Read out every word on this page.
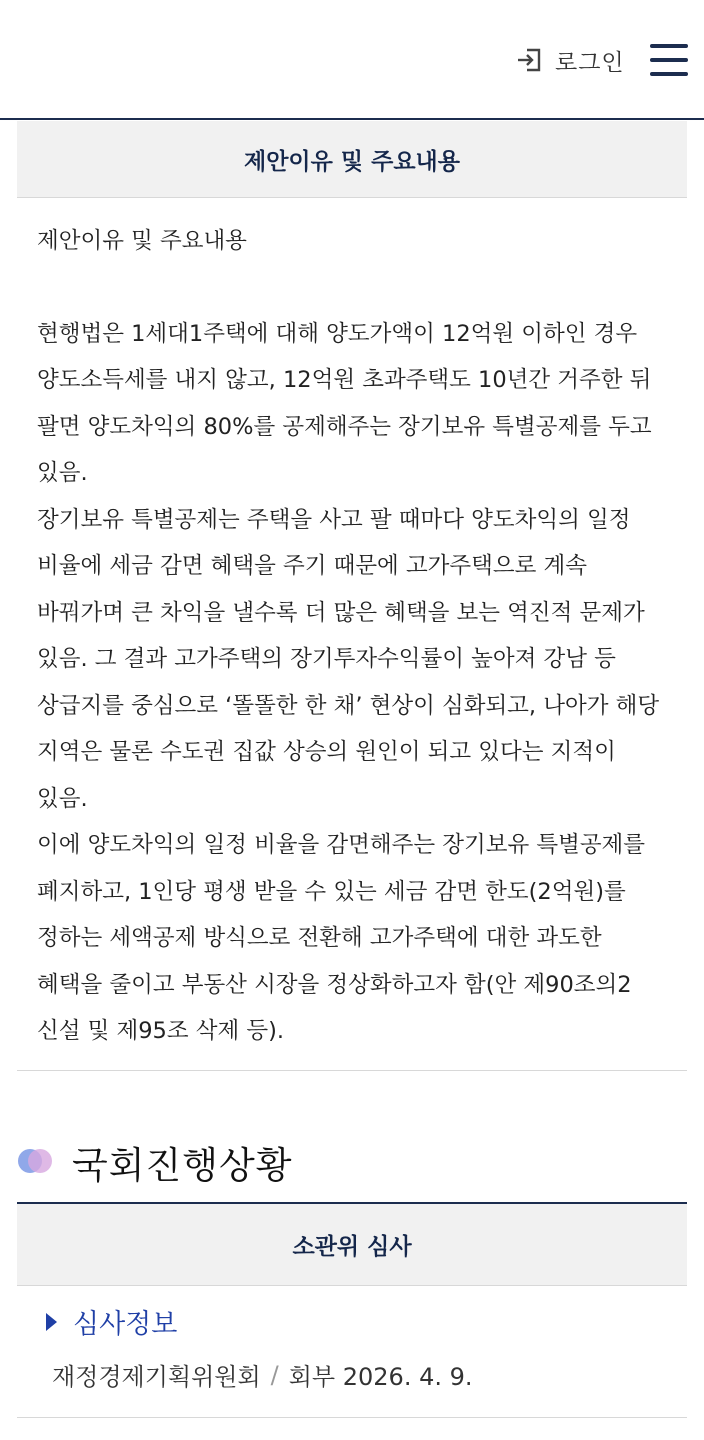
로그인
제안이유 및 주요내용

제안이유 및 주요내용

현행법은 1세대1주택에 대해 양도가액이 12억원 이하인 경우 양도소득세를 내지 않고, 12억원 초과주택도 10년간 거주한 뒤 팔면 양도차익의 80%를 공제해주는 장기보유 특별공제를 두고 있음.

장기보유 특별공제는 주택을 사고 팔 때마다 양도차익의 일정 비율에 세금 감면 혜택을 주기 때문에 고가주택으로 계속 바꿔가며 큰 차익을 낼수록 더 많은 혜택을 보는 역진적 문제가 있음. 그 결과 고가주택의 장기투자수익률이 높아져 강남 등 상급지를 중심으로 ‘똘똘한 한 채’ 현상이 심화되고, 나아가 해당 지역은 물론 수도권 집값 상승의 원인이 되고 있다는 지적이 있음.

이에 양도차익의 일정 비율을 감면해주는 장기보유 특별공제를 폐지하고, 1인당 평생 받을 수 있는 세금 감면 한도(2억원)를 정하는 세액공제 방식으로 전환해 고가주택에 대한 과도한 혜택을 줄이고 부동산 시장을 정상화하고자 함(안 제90조의2 신설 및 제95조 삭제 등).

국회진행상황
소관위 심사
심사정보
재정경제기획위원회 / 회부 2026. 4. 9.
